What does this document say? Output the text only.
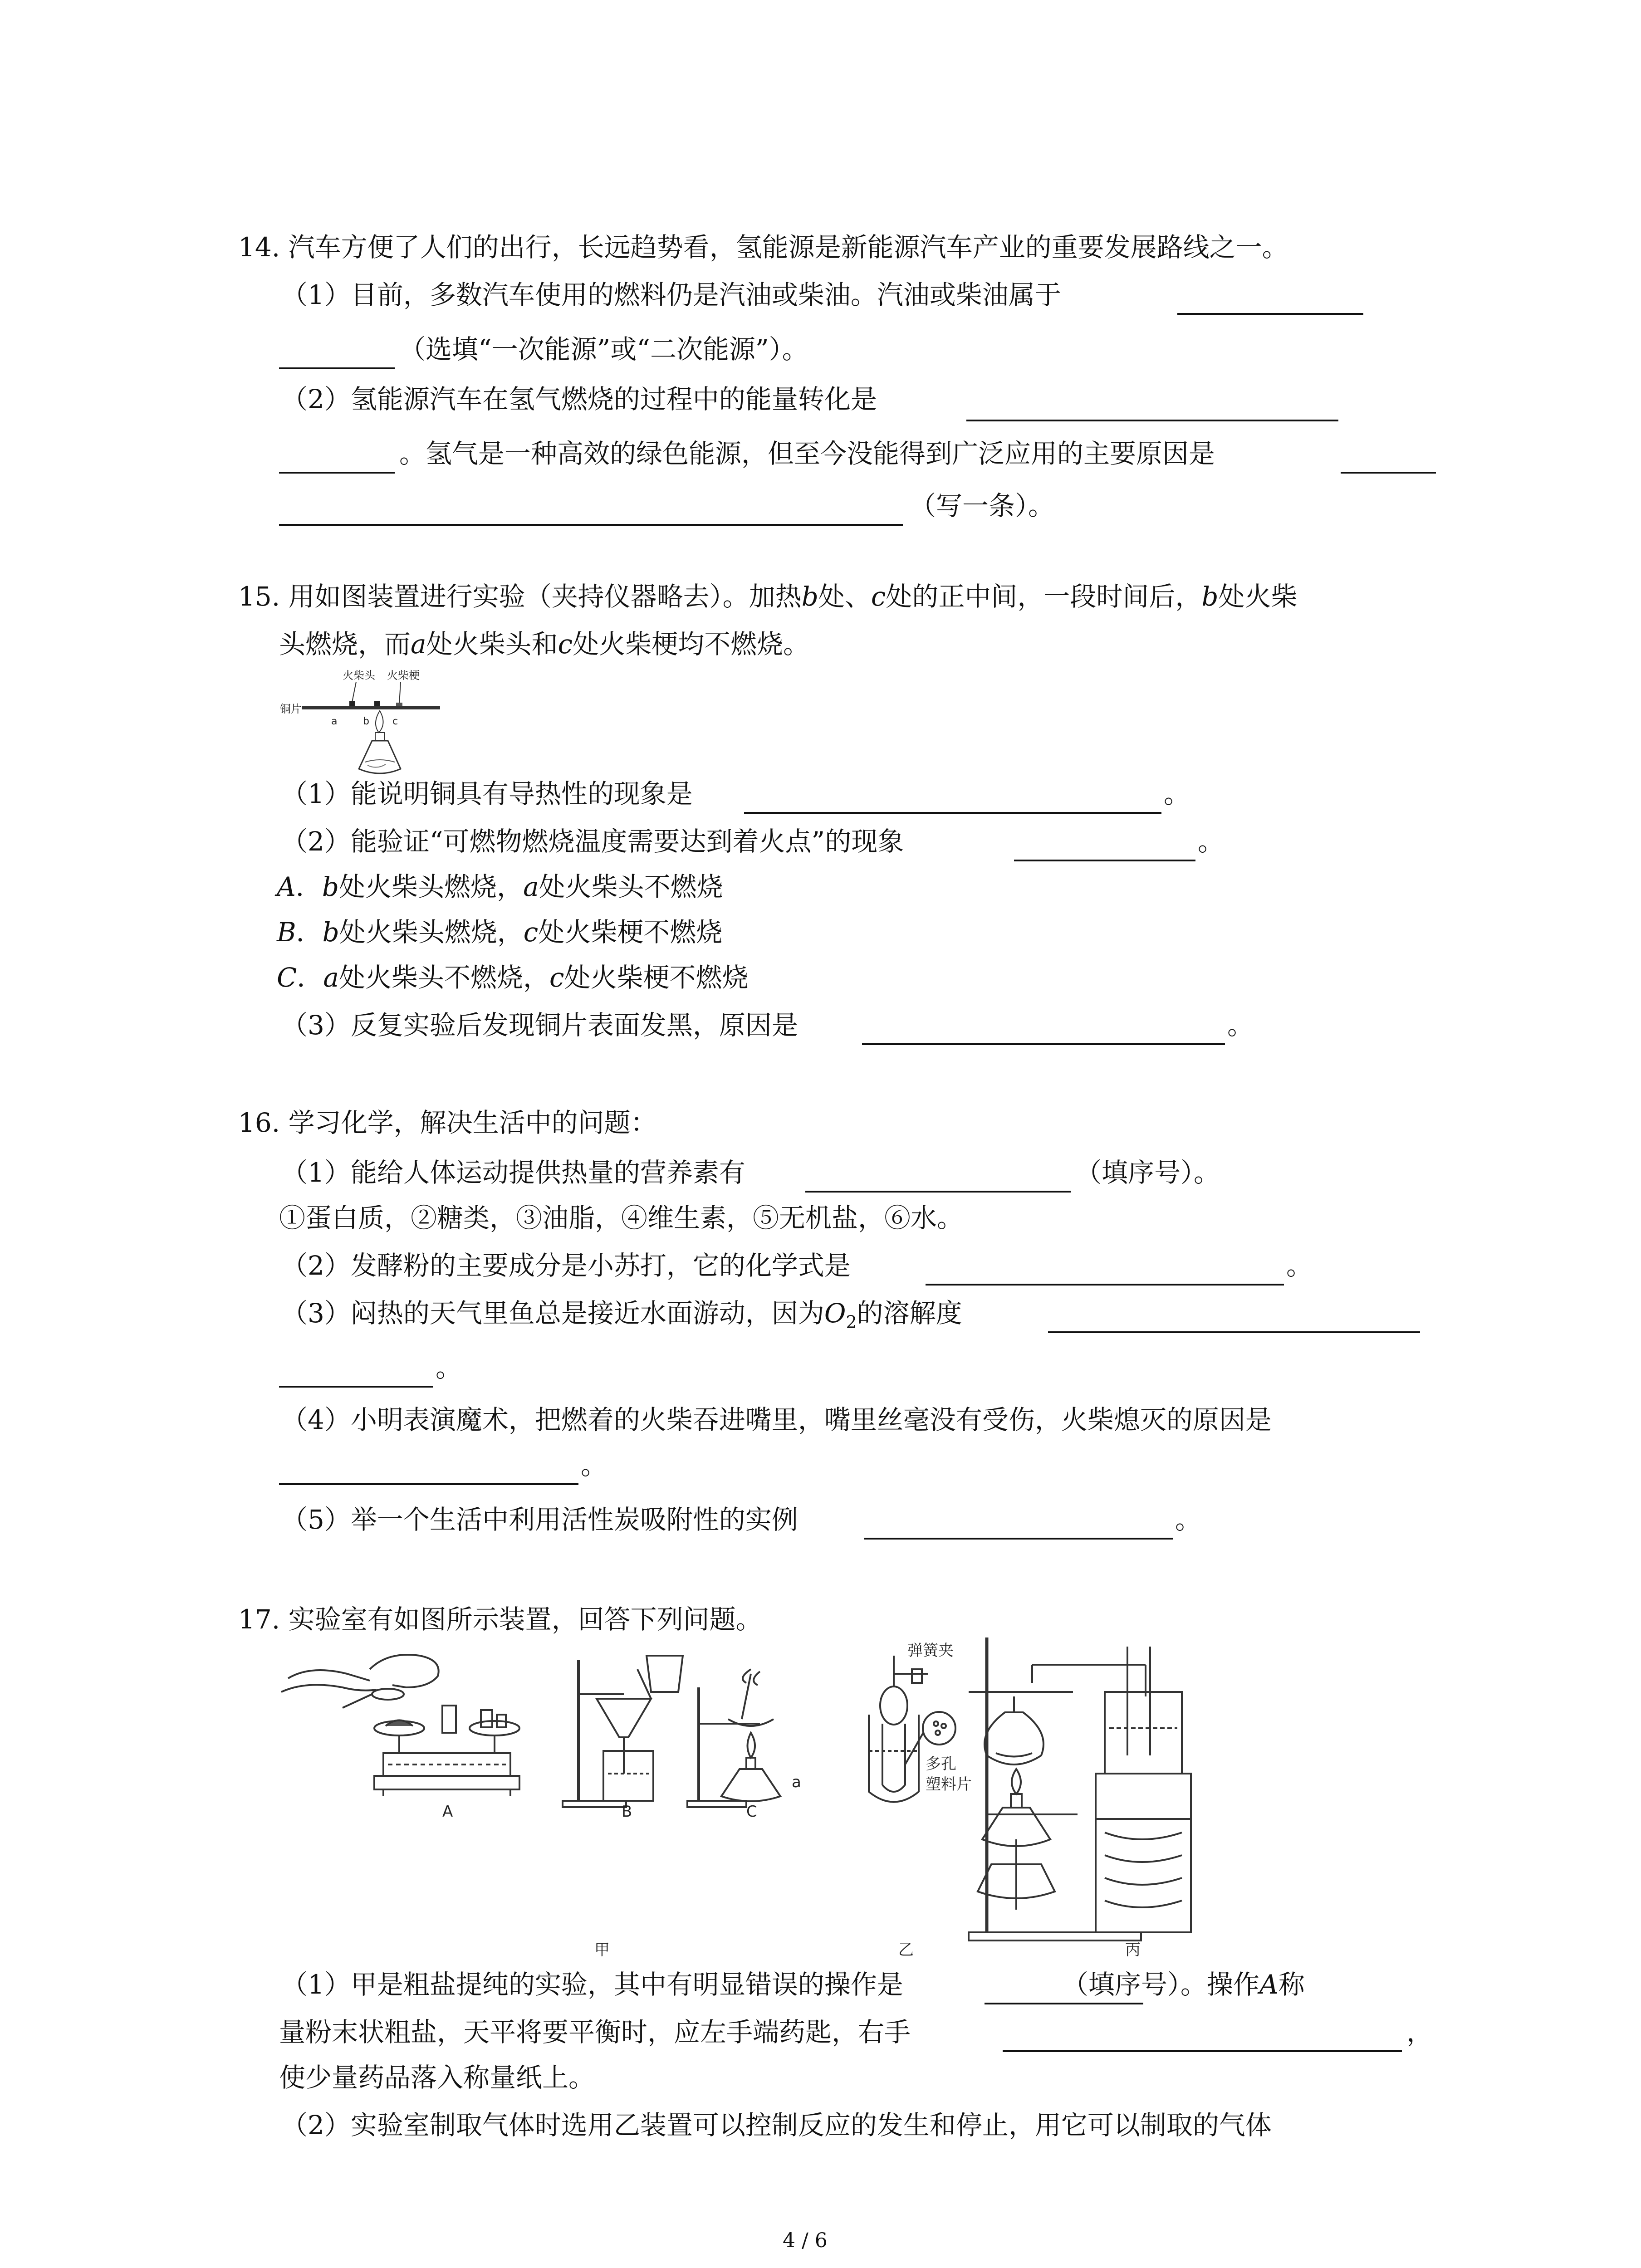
14. 汽车方便了人们的出行，长远趋势看，氢能源是新能源汽车产业的重要发展路线之一。
（1）目前，多数汽车使用的燃料仍是汽油或柴油。汽油或柴油属于
（选填“一次能源”或“二次能源”）。
（2）氢能源汽车在氢气燃烧的过程中的能量转化是
。氢气是一种高效的绿色能源，但至今没能得到广泛应用的主要原因是
（写一条）。
15. 用如图装置进行实验（夹持仪器略去）。加热b处、c处的正中间，一段时间后，b处火柴
头燃烧，而a处火柴头和c处火柴梗均不燃烧。
火柴头 火柴梗
铜片
a	b c
（1）能说明铜具有导热性的现象是	。
（2）能验证“可燃物燃烧温度需要达到着火点”的现象	。
A．b处火柴头燃烧，a处火柴头不燃烧
B．b处火柴头燃烧，c处火柴梗不燃烧
C．a处火柴头不燃烧，c处火柴梗不燃烧
（3）反复实验后发现铜片表面发黑，原因是	。
16. 学习化学，解决生活中的问题：
（1）能给人体运动提供热量的营养素有	（填序号）。
①蛋白质，②糖类，③油脂，④维生素，⑤无机盐，⑥水。
（2）发酵粉的主要成分是小苏打，它的化学式是	。
（3）闷热的天气里鱼总是接近水面游动，因为$O_2$的溶解度
。
（4）小明表演魔术，把燃着的火柴吞进嘴里，嘴里丝毫没有受伤，火柴熄灭的原因是
。
（5）举一个生活中利用活性炭吸附性的实例	。
17. 实验室有如图所示装置，回答下列问题。
A	B	C
a
弹簧夹
多孔
塑料片
甲	乙	丙
（1）甲是粗盐提纯的实验，其中有明显错误的操作是	（填序号）。操作A称
量粉末状粗盐，天平将要平衡时，应左手端药匙，右手	，
使少量药品落入称量纸上。
（2）实验室制取气体时选用乙装置可以控制反应的发生和停止，用它可以制取的气体
4 / 6
